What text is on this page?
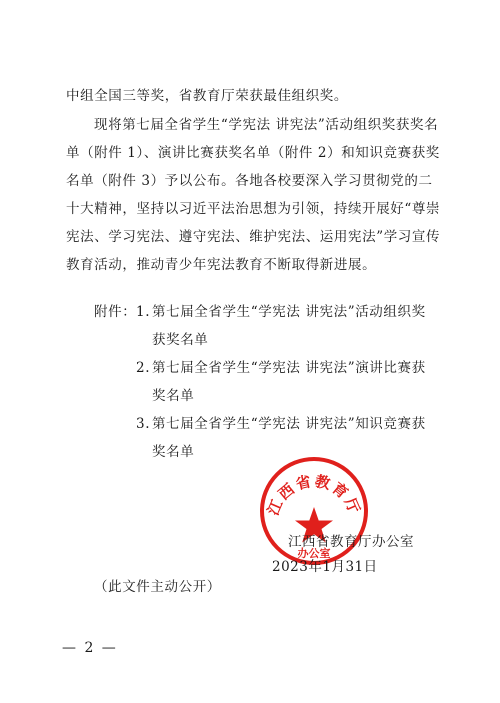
中组全国三等奖，省教育厅荣获最佳组织奖。
现将第七届全省学生“学宪法 讲宪法”活动组织奖获奖名
单（附件 1）、演讲比赛获奖名单（附件 2）和知识竞赛获奖
名单（附件 3）予以公布。各地各校要深入学习贯彻党的二
十大精神，坚持以习近平法治思想为引领，持续开展好“尊崇
宪法、学习宪法、遵守宪法、维护宪法、运用宪法”学习宣传
教育活动，推动青少年宪法教育不断取得新进展。
附件： 1. 第七届全省学生“学宪法 讲宪法”活动组织奖
获奖名单
2. 第七届全省学生“学宪法 讲宪法”演讲比赛获
奖名单
3. 第七届全省学生“学宪法 讲宪法”知识竞赛获
奖名单
江西省教育厅
办公室
江西省教育厅办公室
2023年1月31日
（此文件主动公开）
— 2 —
